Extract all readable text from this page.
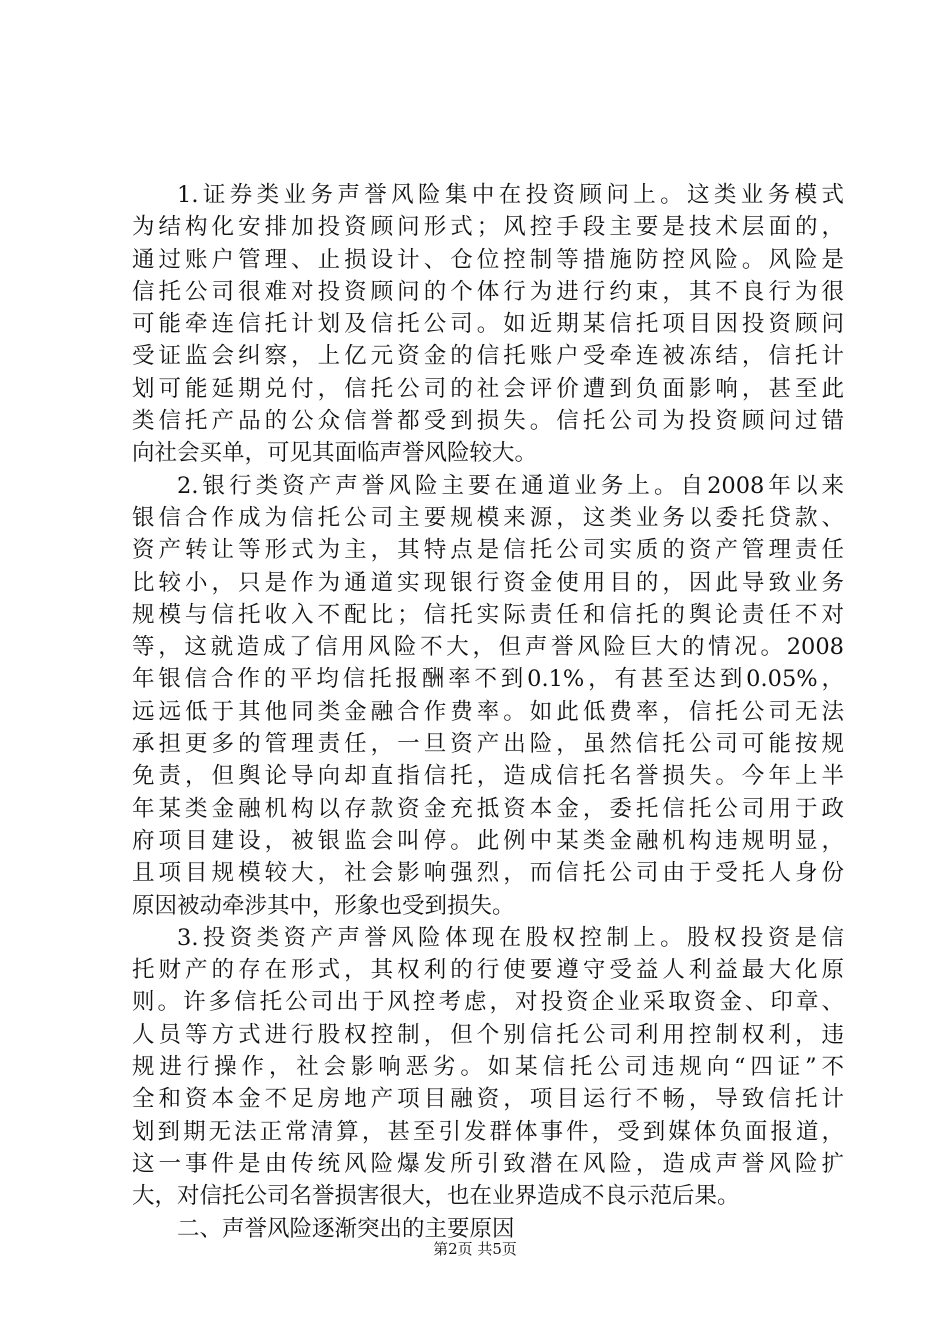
1.证券类业务声誉风险集中在投资顾问上。这类业务模式
为结构化安排加投资顾问形式；风控手段主要是技术层面的，
通过账户管理、止损设计、仓位控制等措施防控风险。风险是
信托公司很难对投资顾问的个体行为进行约束，其不良行为很
可能牵连信托计划及信托公司。如近期某信托项目因投资顾问
受证监会纠察，上亿元资金的信托账户受牵连被冻结，信托计
划可能延期兑付，信托公司的社会评价遭到负面影响，甚至此
类信托产品的公众信誉都受到损失。信托公司为投资顾问过错
向社会买单，可见其面临声誉风险较大。
2.银行类资产声誉风险主要在通道业务上。自2008年以来
银信合作成为信托公司主要规模来源，这类业务以委托贷款、
资产转让等形式为主，其特点是信托公司实质的资产管理责任
比较小，只是作为通道实现银行资金使用目的，因此导致业务
规模与信托收入不配比；信托实际责任和信托的舆论责任不对
等，这就造成了信用风险不大，但声誉风险巨大的情况。2008
年银信合作的平均信托报酬率不到0.1%，有甚至达到0.05%，
远远低于其他同类金融合作费率。如此低费率，信托公司无法
承担更多的管理责任，一旦资产出险，虽然信托公司可能按规
免责，但舆论导向却直指信托，造成信托名誉损失。今年上半
年某类金融机构以存款资金充抵资本金，委托信托公司用于政
府项目建设，被银监会叫停。此例中某类金融机构违规明显，
且项目规模较大，社会影响强烈，而信托公司由于受托人身份
原因被动牵涉其中，形象也受到损失。
3.投资类资产声誉风险体现在股权控制上。股权投资是信
托财产的存在形式，其权利的行使要遵守受益人利益最大化原
则。许多信托公司出于风控考虑，对投资企业采取资金、印章、
人员等方式进行股权控制，但个别信托公司利用控制权利，违
规进行操作，社会影响恶劣。如某信托公司违规向“四证”不
全和资本金不足房地产项目融资，项目运行不畅，导致信托计
划到期无法正常清算，甚至引发群体事件，受到媒体负面报道，
这一事件是由传统风险爆发所引致潜在风险，造成声誉风险扩
大，对信托公司名誉损害很大，也在业界造成不良示范后果。
二、声誉风险逐渐突出的主要原因
第2页 共5页
